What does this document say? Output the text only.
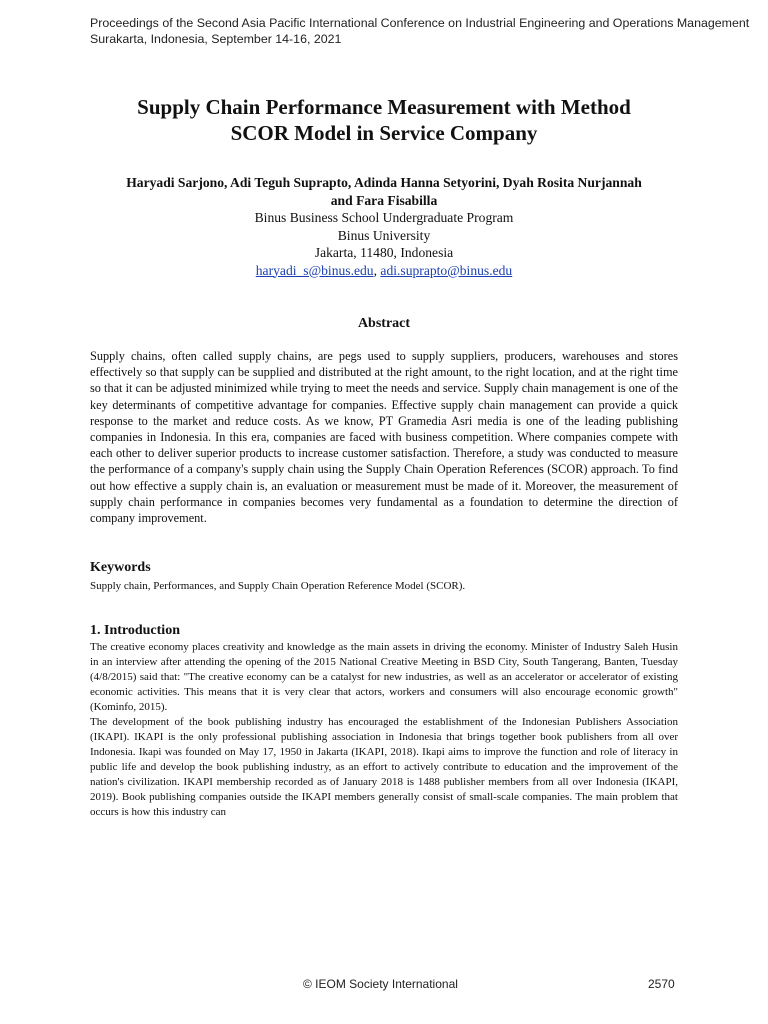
Proceedings of the Second Asia Pacific International Conference on Industrial Engineering and Operations Management
Surakarta, Indonesia, September 14-16, 2021
Supply Chain Performance Measurement with Method
SCOR Model in Service Company
Haryadi Sarjono, Adi Teguh Suprapto, Adinda Hanna Setyorini, Dyah Rosita Nurjannah
and Fara Fisabilla
Binus Business School Undergraduate Program
Binus University
Jakarta, 11480, Indonesia
haryadi_s@binus.edu, adi.suprapto@binus.edu
Abstract

Supply chains, often called supply chains, are pegs used to supply suppliers, producers, warehouses and stores effectively so that supply can be supplied and distributed at the right amount, to the right location, and at the right time so that it can be adjusted minimized while trying to meet the needs and service. Supply chain management is one of the key determinants of competitive advantage for companies. Effective supply chain management can provide a quick response to the market and reduce costs. As we know, PT Gramedia Asri media is one of the leading publishing companies in Indonesia. In this era, companies are faced with business competition. Where companies compete with each other to deliver superior products to increase customer satisfaction. Therefore, a study was conducted to measure the performance of a company's supply chain using the Supply Chain Operation References (SCOR) approach. To find out how effective a supply chain is, an evaluation or measurement must be made of it. Moreover, the measurement of supply chain performance in companies becomes very fundamental as a foundation to determine the direction of company improvement.

Keywords

Supply chain, Performances, and Supply Chain Operation Reference Model (SCOR).

1. Introduction

The creative economy places creativity and knowledge as the main assets in driving the economy. Minister of Industry Saleh Husin in an interview after attending the opening of the 2015 National Creative Meeting in BSD City, South Tangerang, Banten, Tuesday (4/8/2015) said that: "The creative economy can be a catalyst for new industries, as well as an accelerator or accelerator of existing economic activities. This means that it is very clear that actors, workers and consumers will also encourage economic growth" (Kominfo, 2015).

The development of the book publishing industry has encouraged the establishment of the Indonesian Publishers Association (IKAPI). IKAPI is the only professional publishing association in Indonesia that brings together book publishers from all over Indonesia. Ikapi was founded on May 17, 1950 in Jakarta (IKAPI, 2018). Ikapi aims to improve the function and role of literacy in public life and develop the book publishing industry, as an effort to actively contribute to education and the improvement of the nation's civilization. IKAPI membership recorded as of January 2018 is 1488 publisher members from all over Indonesia (IKAPI, 2019). Book publishing companies outside the IKAPI members generally consist of small-scale companies. The main problem that occurs is how this industry can

© IEOM Society International	2570
